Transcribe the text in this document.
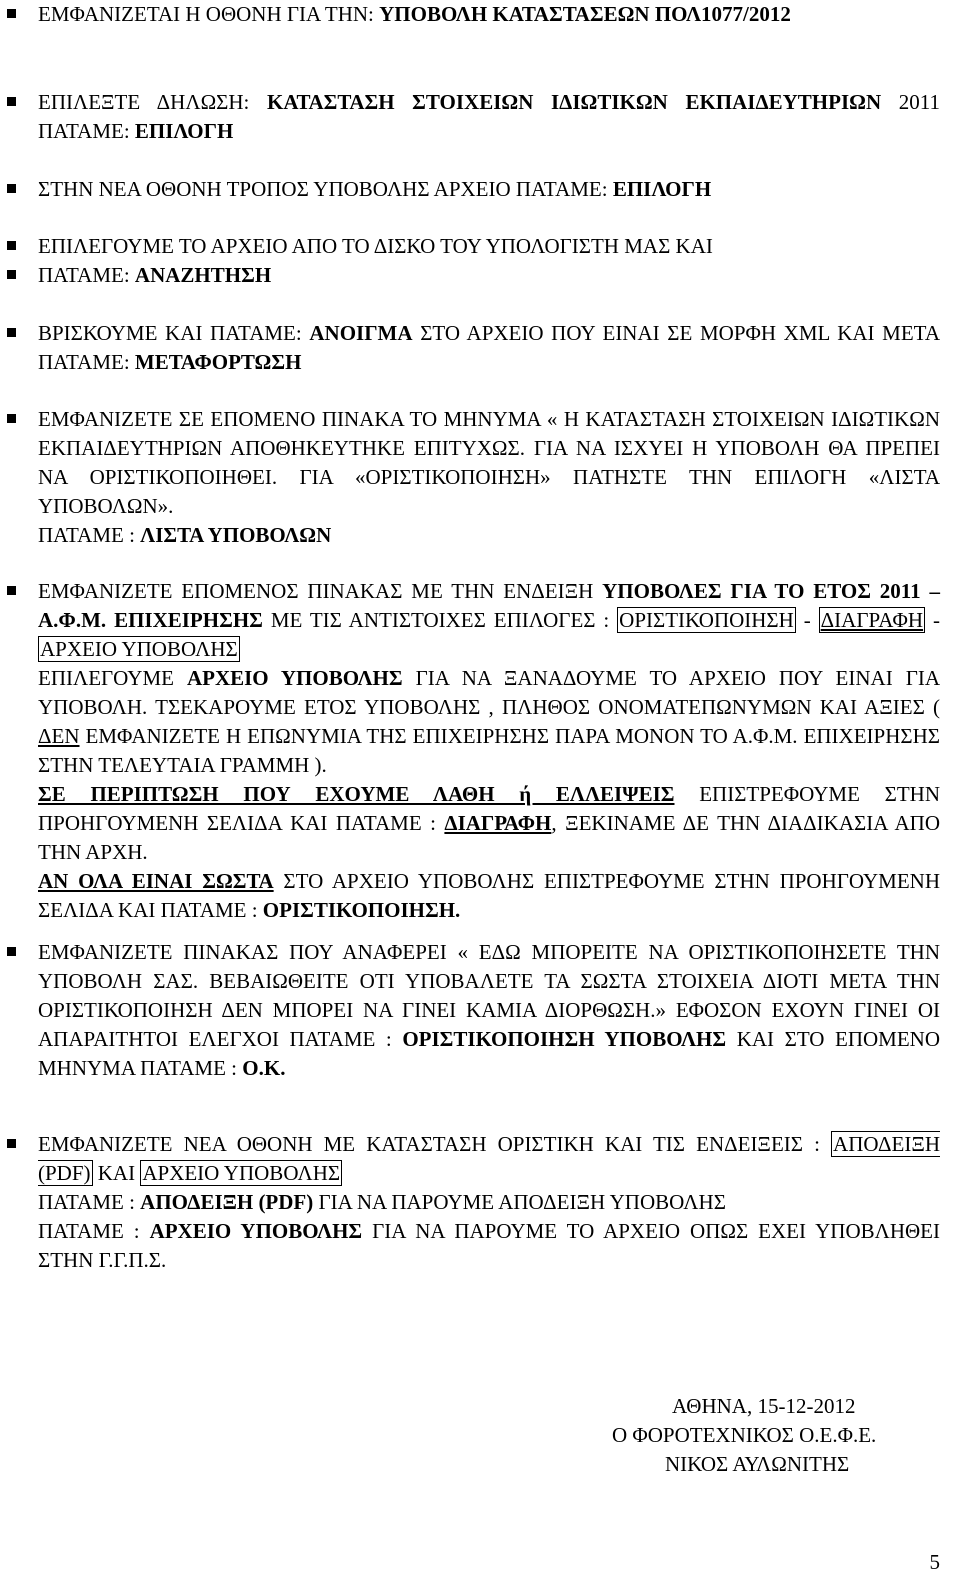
ΕΜΦΑΝΙΖΕΤΑΙ Η ΟΘΟΝΗ ΓΙΑ ΤΗΝ: ΥΠΟΒΟΛΗ ΚΑΤΑΣΤΑΣΕΩΝ ΠΟΛ1077/2012
ΕΠΙΛΕΞΤΕ ΔΗΛΩΣΗ: ΚΑΤΑΣΤΑΣΗ ΣΤΟΙΧΕΙΩΝ ΙΔΙΩΤΙΚΩΝ ΕΚΠΑΙΔΕΥΤΗΡΙΩΝ 2011 ΠΑΤΑΜΕ: ΕΠΙΛΟΓΗ
ΣΤΗΝ ΝΕΑ ΟΘΟΝΗ ΤΡΟΠΟΣ ΥΠΟΒΟΛΗΣ ΑΡΧΕΙΟ ΠΑΤΑΜΕ: ΕΠΙΛΟΓΗ
ΕΠΙΛΕΓΟΥΜΕ ΤΟ ΑΡΧΕΙΟ ΑΠΟ ΤΟ ΔΙΣΚΟ ΤΟΥ ΥΠΟΛΟΓΙΣΤΗ ΜΑΣ ΚΑΙ
ΠΑΤΑΜΕ: ΑΝΑΖΗΤΗΣΗ
ΒΡΙΣΚΟΥΜΕ ΚΑΙ ΠΑΤΑΜΕ: ΑΝΟΙΓΜΑ ΣΤΟ ΑΡΧΕΙΟ ΠΟΥ ΕΙΝΑΙ ΣΕ ΜΟΡΦΗ XML ΚΑΙ ΜΕΤΑ ΠΑΤΑΜΕ: ΜΕΤΑΦΟΡΤΩΣΗ
ΕΜΦΑΝΙΖΕΤΕ ΣΕ ΕΠΟΜΕΝΟ ΠΙΝΑΚΑ ΤΟ ΜΗΝΥΜΑ « Η ΚΑΤΑΣΤΑΣΗ ΣΤΟΙΧΕΙΩΝ ΙΔΙΩΤΙΚΩΝ ΕΚΠΑΙΔΕΥΤΗΡΙΩΝ ΑΠΟΘΗΚΕΥΤΗΚΕ ΕΠΙΤΥΧΩΣ. ΓΙΑ ΝΑ ΙΣΧΥΕΙ Η ΥΠΟΒΟΛΗ ΘΑ ΠΡΕΠΕΙ ΝΑ ΟΡΙΣΤΙΚΟΠΟΙΗΘΕΙ. ΓΙΑ «ΟΡΙΣΤΙΚΟΠΟΙΗΣΗ» ΠΑΤΗΣΤΕ ΤΗΝ ΕΠΙΛΟΓΗ «ΛΙΣΤΑ ΥΠΟΒΟΛΩΝ».
ΠΑΤΑΜΕ : ΛΙΣΤΑ ΥΠΟΒΟΛΩΝ
ΕΜΦΑΝΙΖΕΤΕ ΕΠΟΜΕΝΟΣ ΠΙΝΑΚΑΣ ΜΕ ΤΗΝ ΕΝΔΕΙΞΗ ΥΠΟΒΟΛΕΣ ΓΙΑ ΤΟ ΕΤΟΣ 2011 – Α.Φ.Μ. ΕΠΙΧΕΙΡΗΣΗΣ ΜΕ ΤΙΣ ΑΝΤΙΣΤΟΙΧΕΣ ΕΠΙΛΟΓΕΣ : ΟΡΙΣΤΙΚΟΠΟΙΗΣΗ - ΔΙΑΓΡΑΦΗ - ΑΡΧΕΙΟ ΥΠΟΒΟΛΗΣ
ΕΠΙΛΕΓΟΥΜΕ ΑΡΧΕΙΟ ΥΠΟΒΟΛΗΣ ΓΙΑ ΝΑ ΞΑΝΑΔΟΥΜΕ ΤΟ ΑΡΧΕΙΟ ΠΟΥ ΕΙΝΑΙ ΓΙΑ ΥΠΟΒΟΛΗ. ΤΣΕΚΑΡΟΥΜΕ ΕΤΟΣ ΥΠΟΒΟΛΗΣ , ΠΛΗΘΟΣ ΟΝΟΜΑΤΕΠΩΝΥΜΩΝ ΚΑΙ ΑΞΙΕΣ ( ΔΕΝ ΕΜΦΑΝΙΖΕΤΕ Η ΕΠΩΝΥΜΙΑ ΤΗΣ ΕΠΙΧΕΙΡΗΣΗΣ ΠΑΡΑ ΜΟΝΟΝ ΤΟ Α.Φ.Μ. ΕΠΙΧΕΙΡΗΣΗΣ ΣΤΗΝ ΤΕΛΕΥΤΑΙΑ ΓΡΑΜΜΗ ).
ΣΕ ΠΕΡΙΠΤΩΣΗ ΠΟΥ ΕΧΟΥΜΕ ΛΑΘΗ ή ΕΛΛΕΙΨΕΙΣ ΕΠΙΣΤΡΕΦΟΥΜΕ ΣΤΗΝ ΠΡΟΗΓΟΥΜΕΝΗ ΣΕΛΙΔΑ ΚΑΙ ΠΑΤΑΜΕ : ΔΙΑΓΡΑΦΗ, ΞΕΚΙΝΑΜΕ ΔΕ ΤΗΝ ΔΙΑΔΙΚΑΣΙΑ ΑΠΟ ΤΗΝ ΑΡΧΗ.
ΑΝ ΟΛΑ ΕΙΝΑΙ ΣΩΣΤΑ ΣΤΟ ΑΡΧΕΙΟ ΥΠΟΒΟΛΗΣ ΕΠΙΣΤΡΕΦΟΥΜΕ ΣΤΗΝ ΠΡΟΗΓΟΥΜΕΝΗ ΣΕΛΙΔΑ ΚΑΙ ΠΑΤΑΜΕ : ΟΡΙΣΤΙΚΟΠΟΙΗΣΗ.
ΕΜΦΑΝΙΖΕΤΕ ΠΙΝΑΚΑΣ ΠΟΥ ΑΝΑΦΕΡΕΙ « ΕΔΩ ΜΠΟΡΕΙΤΕ ΝΑ ΟΡΙΣΤΙΚΟΠΟΙΗΣΕΤΕ ΤΗΝ ΥΠΟΒΟΛΗ ΣΑΣ. ΒΕΒΑΙΩΘΕΙΤΕ ΟΤΙ ΥΠΟΒΑΛΕΤΕ ΤΑ ΣΩΣΤΑ ΣΤΟΙΧΕΙΑ ΔΙΟΤΙ ΜΕΤΑ ΤΗΝ ΟΡΙΣΤΙΚΟΠΟΙΗΣΗ ΔΕΝ ΜΠΟΡΕΙ ΝΑ ΓΙΝΕΙ ΚΑΜΙΑ ΔΙΟΡΘΩΣΗ.» ΕΦΟΣΟΝ ΕΧΟΥΝ ΓΙΝΕΙ ΟΙ ΑΠΑΡΑΙΤΗΤΟΙ ΕΛΕΓΧΟΙ ΠΑΤΑΜΕ : ΟΡΙΣΤΙΚΟΠΟΙΗΣΗ ΥΠΟΒΟΛΗΣ ΚΑΙ ΣΤΟ ΕΠΟΜΕΝΟ ΜΗΝΥΜΑ ΠΑΤΑΜΕ : Ο.Κ.
ΕΜΦΑΝΙΖΕΤΕ ΝΕΑ ΟΘΟΝΗ ΜΕ ΚΑΤΑΣΤΑΣΗ ΟΡΙΣΤΙΚΗ ΚΑΙ ΤΙΣ ΕΝΔΕΙΞΕΙΣ : ΑΠΟΔΕΙΞΗ (PDF) ΚΑΙ ΑΡΧΕΙΟ ΥΠΟΒΟΛΗΣ
ΠΑΤΑΜΕ : ΑΠΟΔΕΙΞΗ (PDF) ΓΙΑ ΝΑ ΠΑΡΟΥΜΕ ΑΠΟΔΕΙΞΗ ΥΠΟΒΟΛΗΣ
ΠΑΤΑΜΕ : ΑΡΧΕΙΟ ΥΠΟΒΟΛΗΣ ΓΙΑ ΝΑ ΠΑΡΟΥΜΕ ΤΟ ΑΡΧΕΙΟ ΟΠΩΣ ΕΧΕΙ ΥΠΟΒΛΗΘΕΙ ΣΤΗΝ Γ.Γ.Π.Σ.
ΑΘΗΝΑ, 15-12-2012
Ο ΦΟΡΟΤΕΧΝΙΚΟΣ Ο.Ε.Φ.Ε.
ΝΙΚΟΣ ΑΥΛΩΝΙΤΗΣ
5
